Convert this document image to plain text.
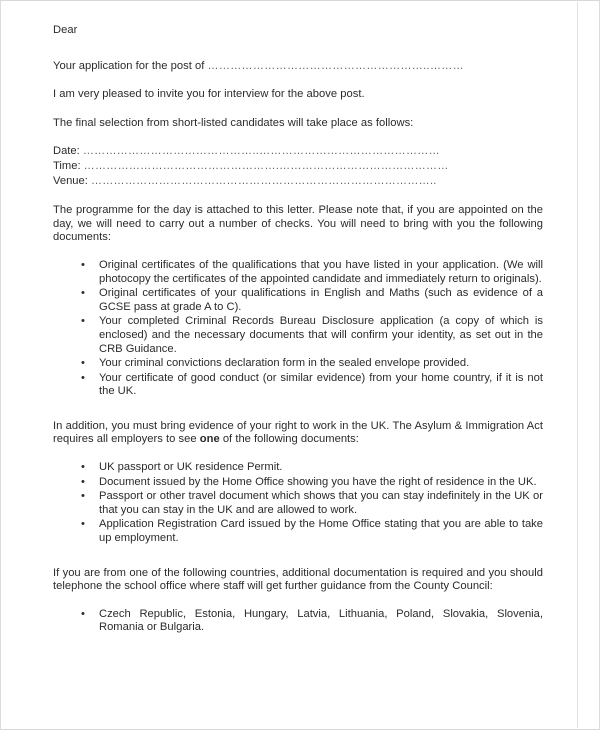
Dear

Your application for the post of …………………………………………………..………

I am very pleased to invite you for interview for the above post.

The final selection from short-listed candidates will take place as follows:

Date: ………………………………………..…………………………………………
Time: …………………………………………….………………………………………
Venue: ………………………………………………………………………………..

The programme for the day is attached to this letter. Please note that, if you are appointed on the day, we will need to carry out a number of checks. You will need to bring with you the following documents:

• Original certificates of the qualifications that you have listed in your application. (We will photocopy the certificates of the appointed candidate and immediately return to originals).
• Original certificates of your qualifications in English and Maths (such as evidence of a GCSE pass at grade A to C).
• Your completed Criminal Records Bureau Disclosure application (a copy of which is enclosed) and the necessary documents that will confirm your identity, as set out in the CRB Guidance.
• Your criminal convictions declaration form in the sealed envelope provided.
• Your certificate of good conduct (or similar evidence) from your home country, if it is not the UK.

In addition, you must bring evidence of your right to work in the UK. The Asylum & Immigration Act requires all employers to see one of the following documents:

• UK passport or UK residence Permit.
• Document issued by the Home Office showing you have the right of residence in the UK.
• Passport or other travel document which shows that you can stay indefinitely in the UK or that you can stay in the UK and are allowed to work.
• Application Registration Card issued by the Home Office stating that you are able to take up employment.

If you are from one of the following countries, additional documentation is required and you should telephone the school office where staff will get further guidance from the County Council:

• Czech Republic, Estonia, Hungary, Latvia, Lithuania, Poland, Slovakia, Slovenia, Romania or Bulgaria.
